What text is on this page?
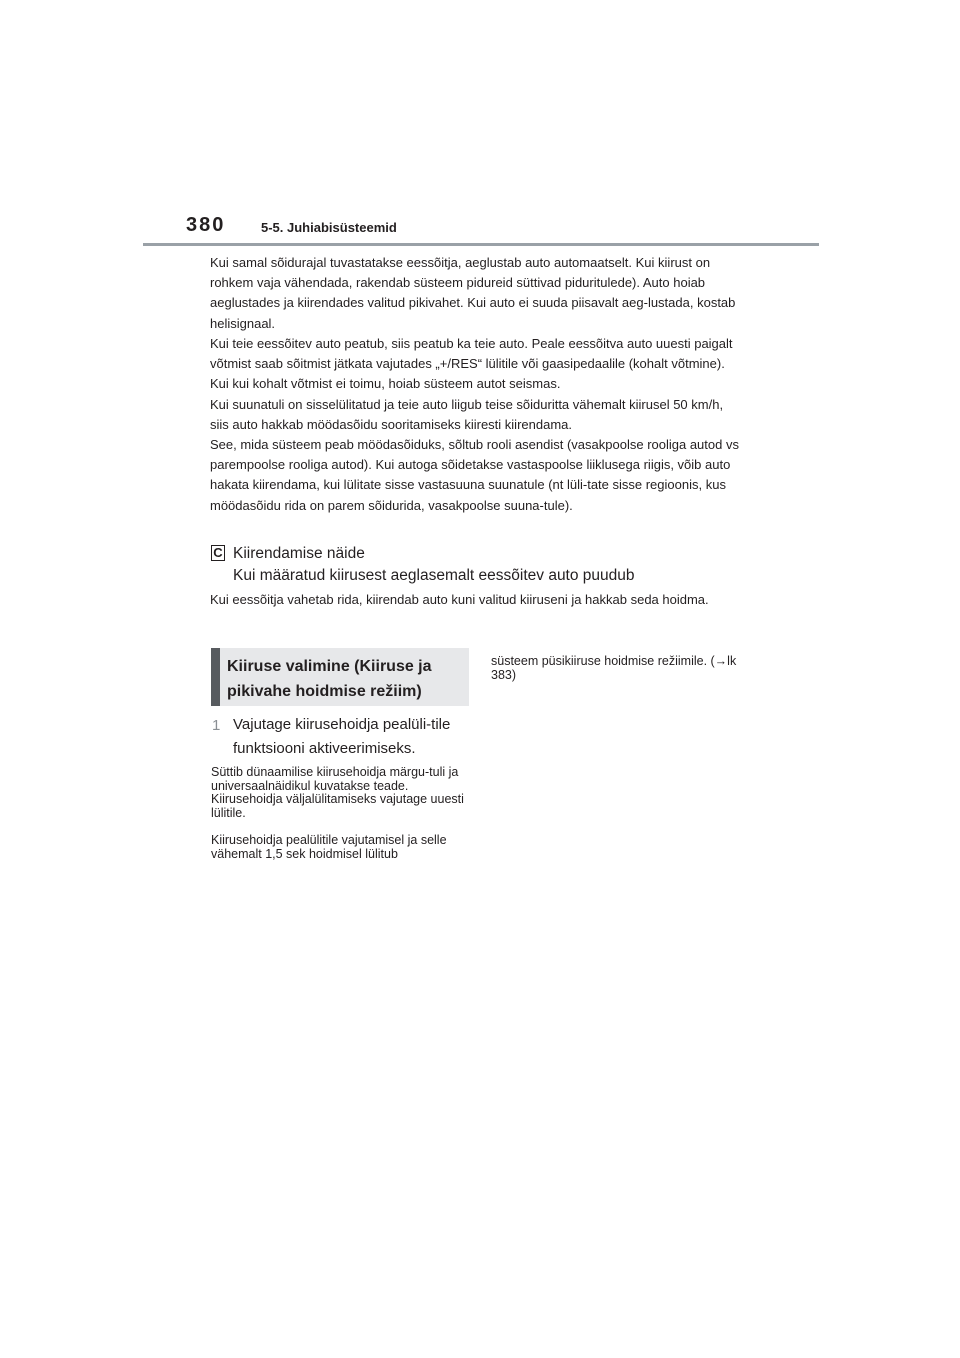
380	5-5. Juhiabisüsteemid

Kui samal sõidurajal tuvastatakse eessõitja, aeglustab auto automaatselt. Kui kiirust on rohkem vaja vähendada, rakendab süsteem pidureid süttivad piduritulede). Auto hoiab aeglustades ja kiirendades valitud pikivahet. Kui auto ei suuda piisavalt aeg-lustada, kostab helisignaal.

Kui teie eessõitev auto peatub, siis peatub ka teie auto. Peale eessõitva auto uuesti paigalt võtmist saab sõitmist jätkata vajutades „+/RES“ lülitile või gaasipedaalile (kohalt võtmine). Kui kui kohalt võtmist ei toimu, hoiab süsteem autot seismas.

Kui suunatuli on sisselülitatud ja teie auto liigub teise sõiduritta vähemalt kiirusel 50 km/h, siis auto hakkab möödasõidu sooritamiseks kiiresti kiirendama.

See, mida süsteem peab möödasõiduks, sõltub rooli asendist (vasakpoolse rooliga autod vs parempoolse rooliga autod). Kui autoga sõidetakse vastaspoolse liiklusega riigis, võib auto hakata kiirendama, kui lülitate sisse vastasuuna suunatule (nt lüli-tate sisse regioonis, kus möödasõidu rida on parem sõidurida, vasakpoolse suuna-tule).

C Kiirendamise näide

Kui määratud kiirusest aeglasemalt eessõitev auto puudub

Kui eessõitja vahetab rida, kiirendab auto kuni valitud kiiruseni ja hakkab seda hoidma.

Kiiruse valimine (Kiiruse ja pikivahe hoidmise režiim)
1 Vajutage kiirusehoidja pealüli-tile funktsiooni aktiveerimiseks.

Süttib dünaamilise kiirusehoidja märgu-tuli ja universaalnäidikul kuvatakse teade. Kiirusehoidja väljalülitamiseks vajutage uuesti lülitile.

Kiirusehoidja pealülitile vajutamisel ja selle vähemalt 1,5 sek hoidmisel lülitub

süsteem püsikiiruse hoidmise režiimile. (→lk 383)
